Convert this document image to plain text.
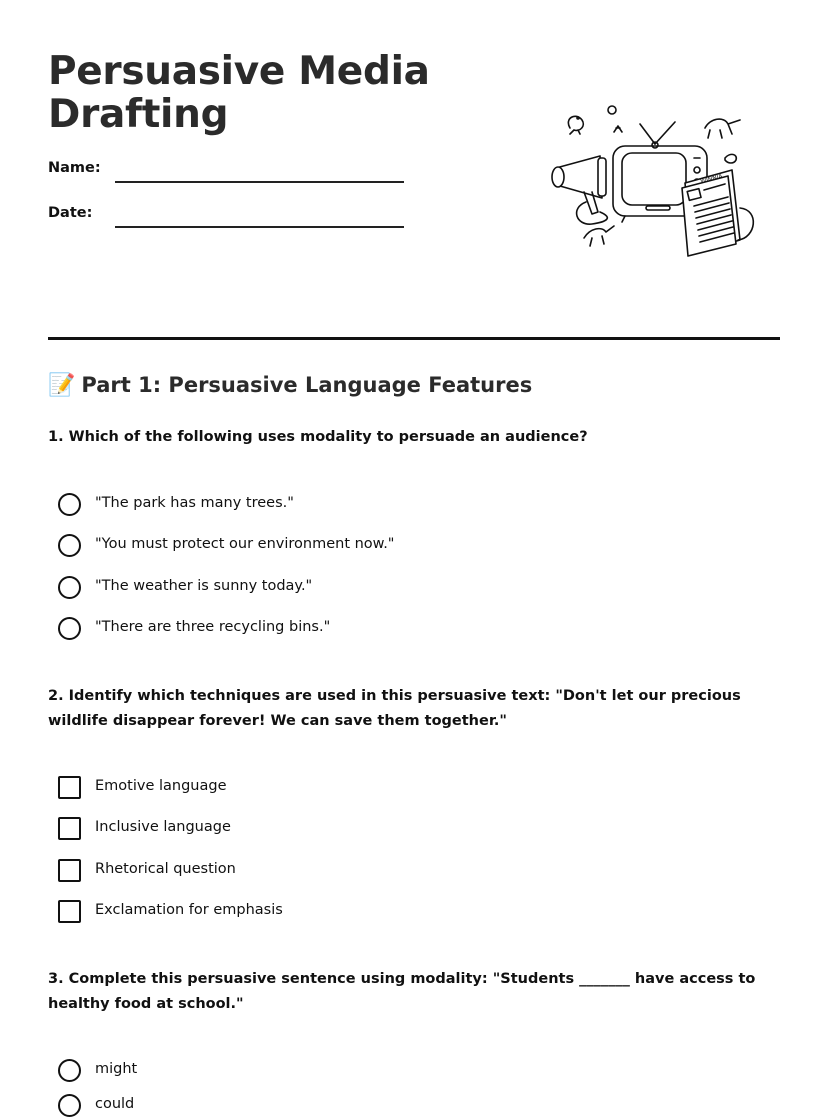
Persuasive Media Drafting
Name:
Date:
WINNIA
📝 Part 1: Persuasive Language Features
1. Which of the following uses modality to persuade an audience?
"The park has many trees."
"You must protect our environment now."
"The weather is sunny today."
"There are three recycling bins."
2. Identify which techniques are used in this persuasive text: "Don't let our precious wildlife disappear forever! We can save them together."
Emotive language
Inclusive language
Rhetorical question
Exclamation for emphasis
3. Complete this persuasive sentence using modality: "Students _______ have access to healthy food at school."
might
could
